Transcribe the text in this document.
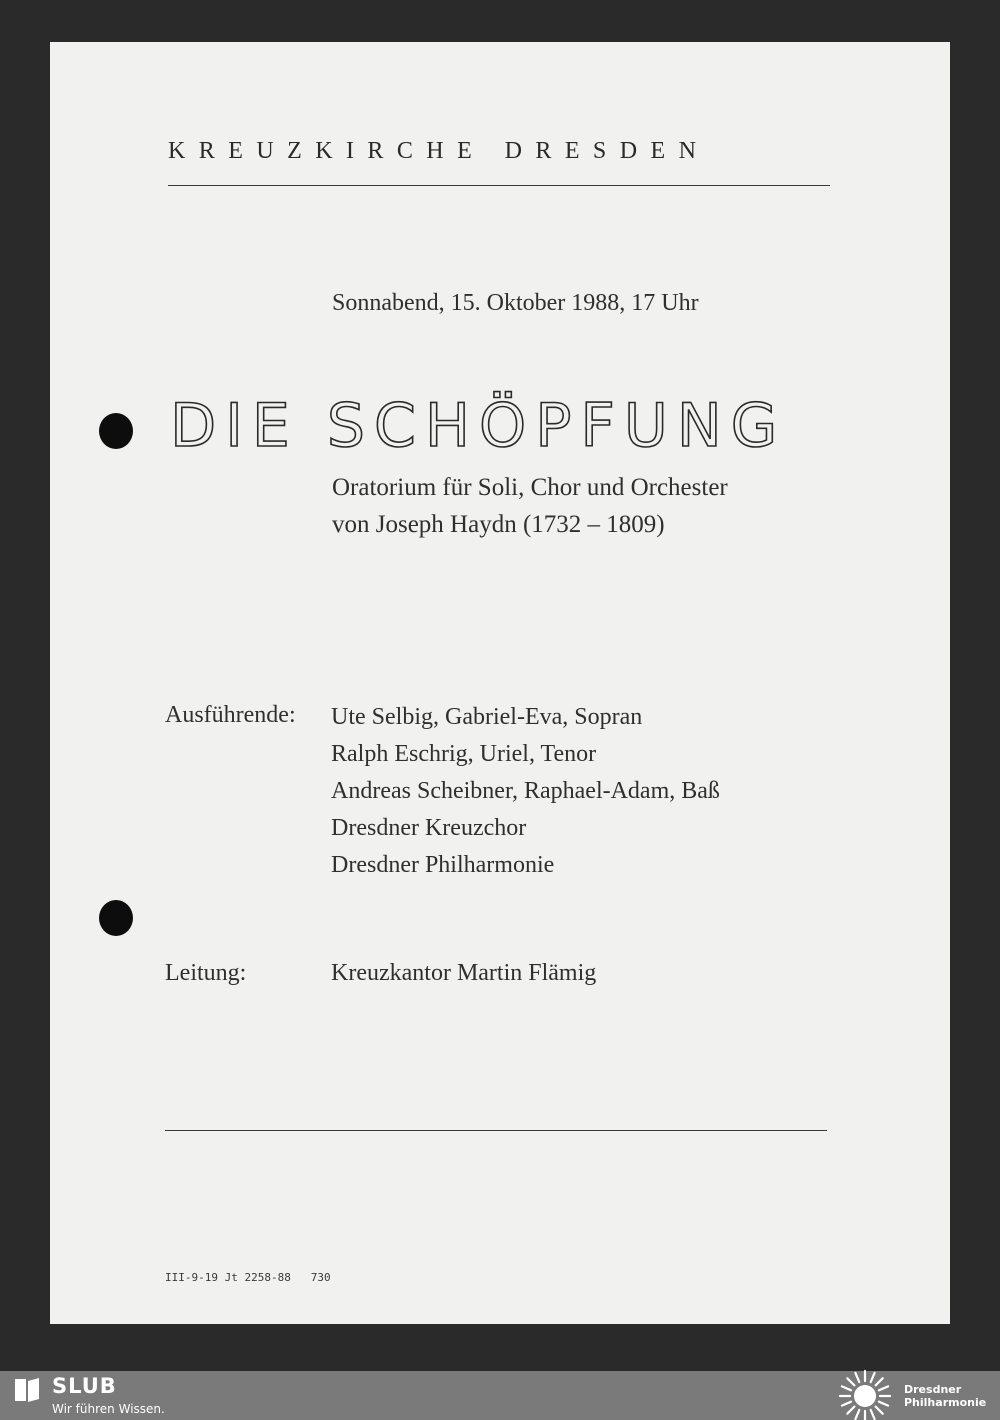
KREUZKIRCHE DRESDEN
Sonnabend, 15. Oktober 1988, 17 Uhr
DIE SCHÖPFUNG
Oratorium für Soli, Chor und Orchester
von Joseph Haydn (1732 – 1809)
Ausführende: Ute Selbig, Gabriel-Eva, Sopran
Ralph Eschrig, Uriel, Tenor
Andreas Scheibner, Raphael-Adam, Baß
Dresdner Kreuzchor
Dresdner Philharmonie
Leitung:	Kreuzkantor Martin Flämig
III-9-19 Jt 2258-88   730
SLUB
Wir führen Wissen.
Dresdner
Philharmonie
